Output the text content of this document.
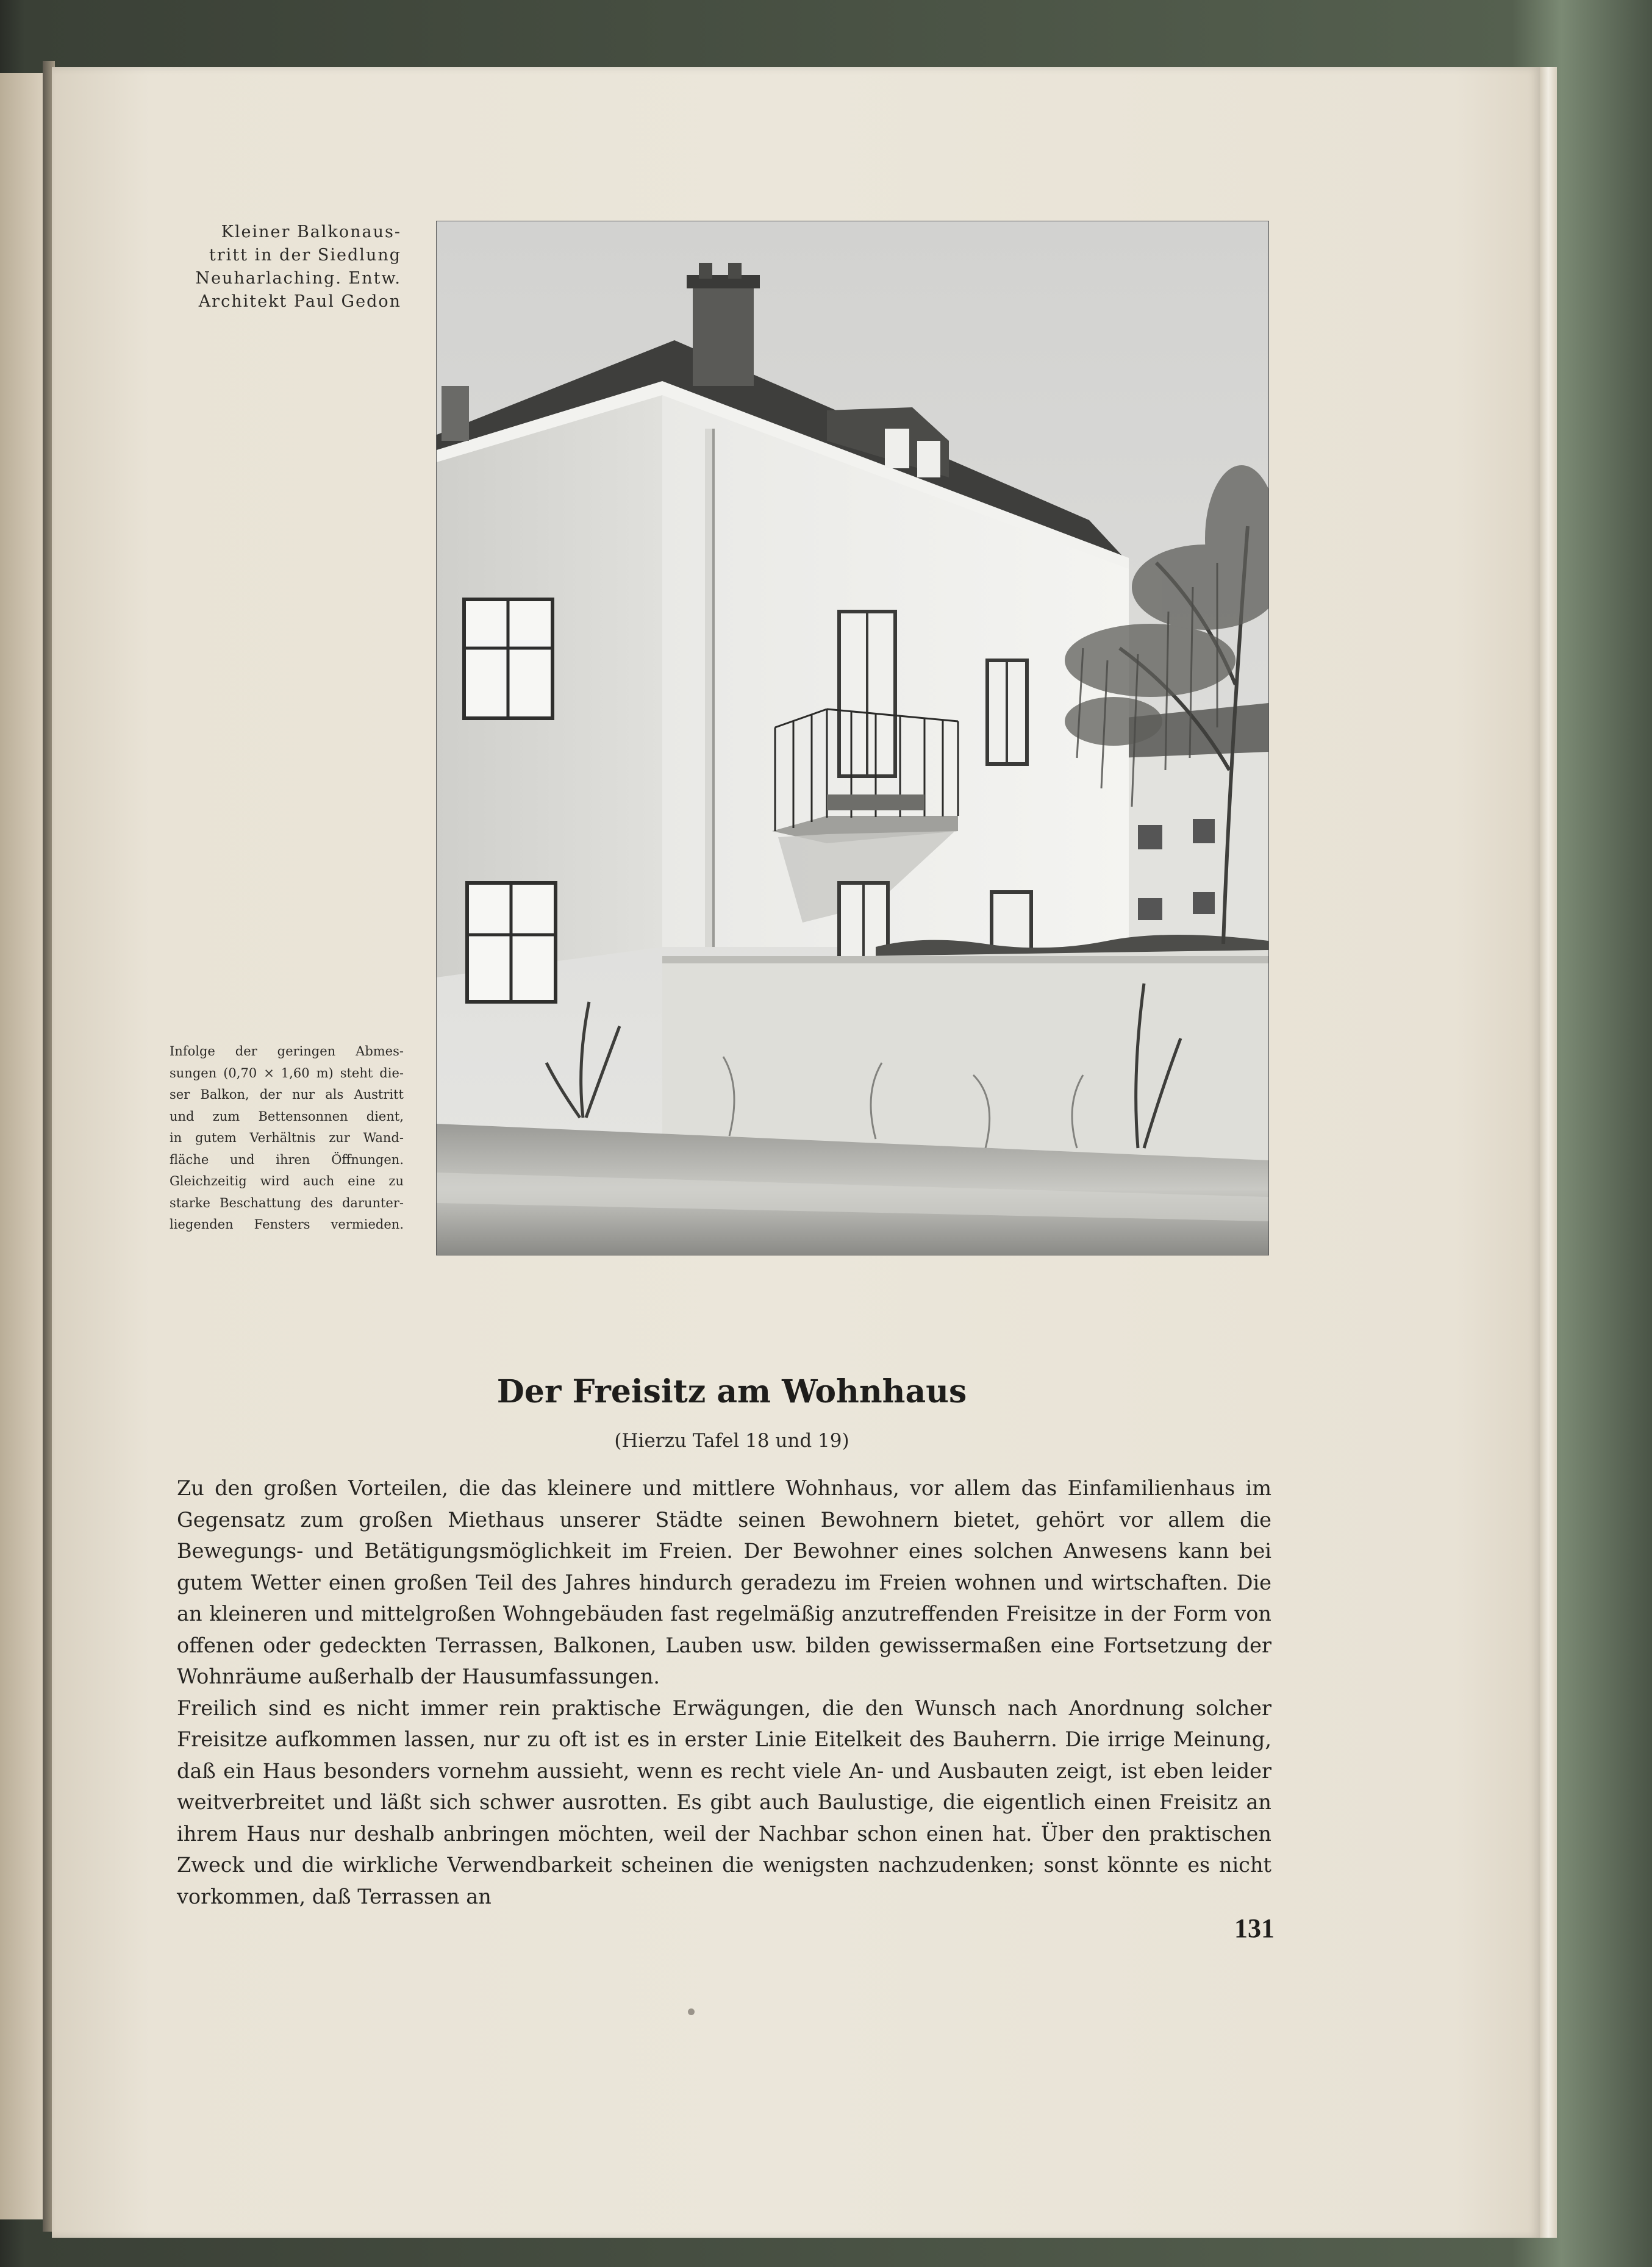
Kleiner Balkonaus-
tritt in der Siedlung
Neuharlaching. Entw.
Architekt Paul Gedon

Infolge der geringen Abmes-
sungen (0,70 × 1,60 m) steht die-
ser Balkon, der nur als Austritt
und zum Bettensonnen dient,
in gutem Verhältnis zur Wand-
fläche und ihren Öffnungen.
Gleichzeitig wird auch eine zu
starke Beschattung des darunter-
liegenden Fensters vermieden.

Der Freisitz am Wohnhaus

(Hierzu Tafel 18 und 19)

Zu den großen Vorteilen, die das kleinere und mittlere Wohnhaus, vor allem das Einfamilienhaus im Gegensatz zum großen Miethaus unserer Städte seinen Bewohnern bietet, gehört vor allem die Bewegungs- und Betätigungsmöglichkeit im Freien. Der Bewohner eines solchen Anwesens kann bei gutem Wetter einen großen Teil des Jahres hindurch geradezu im Freien wohnen und wirtschaften. Die an kleineren und mittelgroßen Wohngebäuden fast regelmäßig anzutreffenden Freisitze in der Form von offenen oder gedeckten Terrassen, Balkonen, Lauben usw. bilden gewissermaßen eine Fortsetzung der Wohnräume außerhalb der Hausumfassungen.

Freilich sind es nicht immer rein praktische Erwägungen, die den Wunsch nach Anordnung solcher Freisitze aufkommen lassen, nur zu oft ist es in erster Linie Eitelkeit des Bauherrn. Die irrige Meinung, daß ein Haus besonders vornehm aussieht, wenn es recht viele An- und Ausbauten zeigt, ist eben leider weitverbreitet und läßt sich schwer ausrotten. Es gibt auch Baulustige, die eigentlich einen Freisitz an ihrem Haus nur deshalb anbringen möchten, weil der Nachbar schon einen hat. Über den praktischen Zweck und die wirkliche Verwendbarkeit scheinen die wenigsten nachzudenken; sonst könnte es nicht vorkommen, daß Terrassen an

131
